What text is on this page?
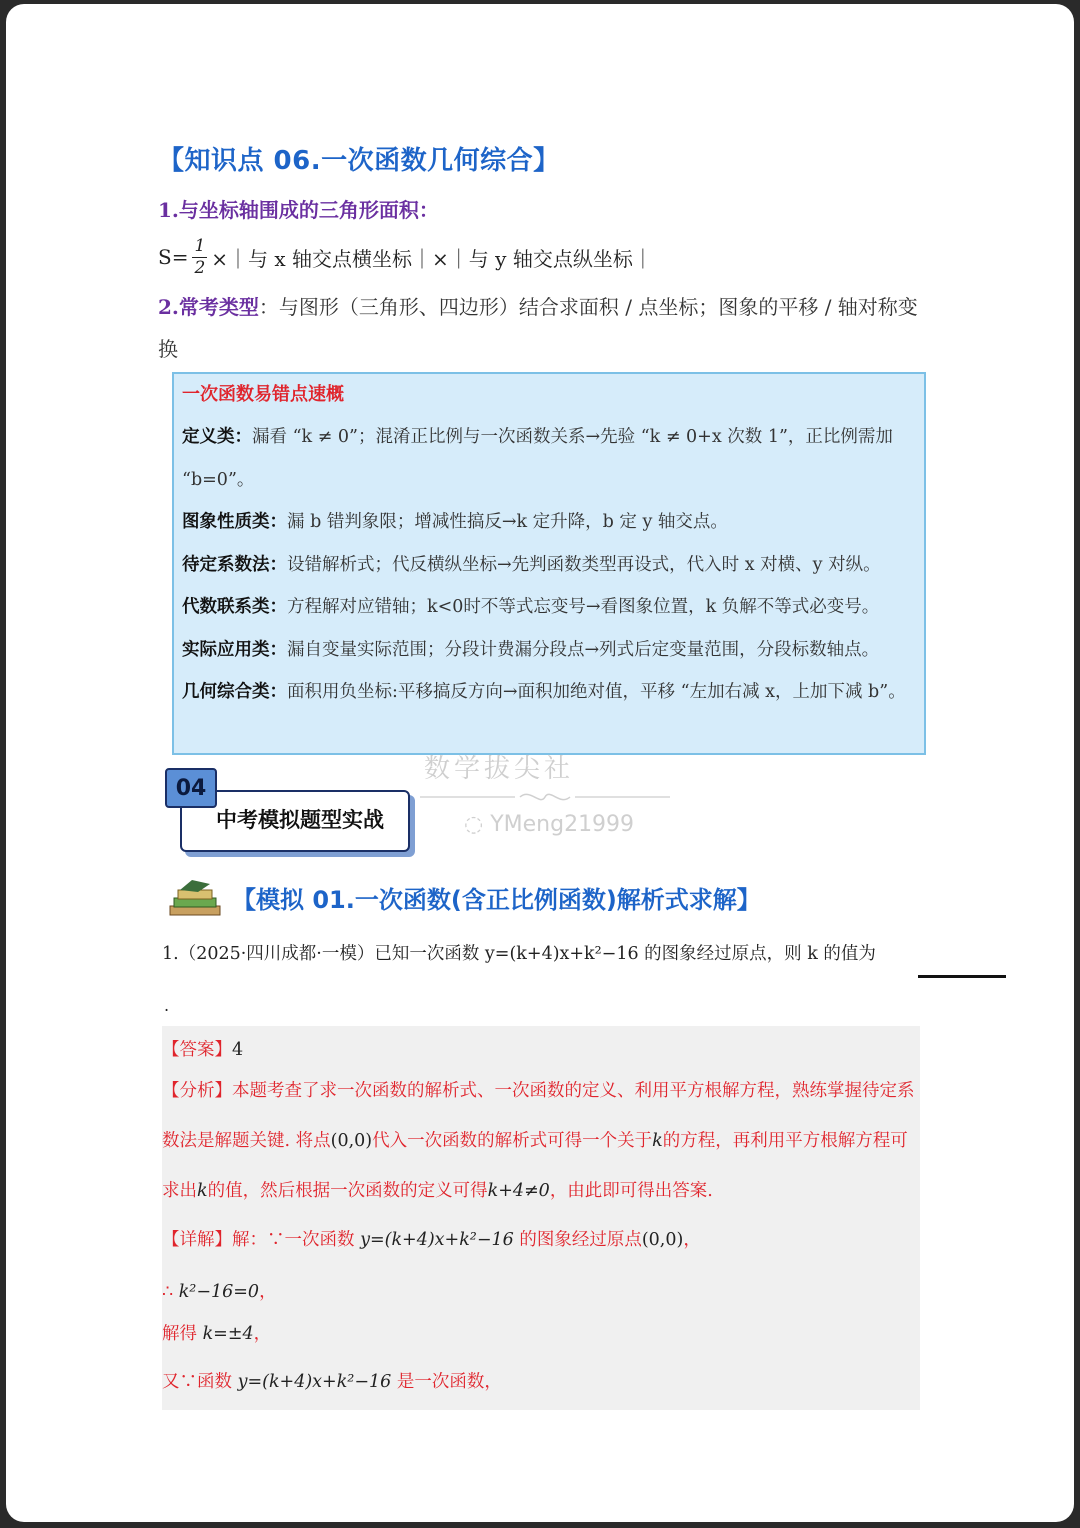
【知识点 06.一次函数几何综合】
1.与坐标轴围成的三角形面积：
$S= \frac{1}{2}$ ×｜与 x 轴交点横坐标｜×｜与 y 轴交点纵坐标｜
2.常考类型：与图形（三角形、四边形）结合求面积 / 点坐标；图象的平移 / 轴对称变换
一次函数易错点速概
定义类：漏看 “k ≠ 0”；混淆正比例与一次函数关系→先验 “k ≠ 0+x 次数 1”，正比例需加 “b=0”。
图象性质类：漏 b 错判象限；增减性搞反→k 定升降，b 定 y 轴交点。
待定系数法：设错解析式；代反横纵坐标→先判函数类型再设式，代入时 x 对横、y 对纵。
代数联系类：方程解对应错轴；k<0时不等式忘变号→看图象位置，k 负解不等式必变号。
实际应用类：漏自变量实际范围；分段计费漏分段点→列式后定变量范围，分段标数轴点。
几何综合类：面积用负坐标:平移搞反方向→面积加绝对值，平移 “左加右减 x，上加下减 b”。
数学拔尖社
◌ YMeng21999
04
中考模拟题型实战
【模拟 01.一次函数(含正比例函数)解析式求解】
1.（2025·四川成都·一模）已知一次函数 y=(k+4)x+k²−16 的图象经过原点，则 k 的值为
.
【答案】4
【分析】本题考查了求一次函数的解析式、一次函数的定义、利用平方根解方程，熟练掌握待定系数法是解题关键. 将点(0,0)代入一次函数的解析式可得一个关于k的方程，再利用平方根解方程可求出k的值，然后根据一次函数的定义可得k+4≠0，由此即可得出答案.
【详解】解：∵一次函数 y=(k+4)x+k²−16 的图象经过原点(0,0)，
∴ k²−16=0，
解得 k=±4，
又∵函数 y=(k+4)x+k²−16 是一次函数，
